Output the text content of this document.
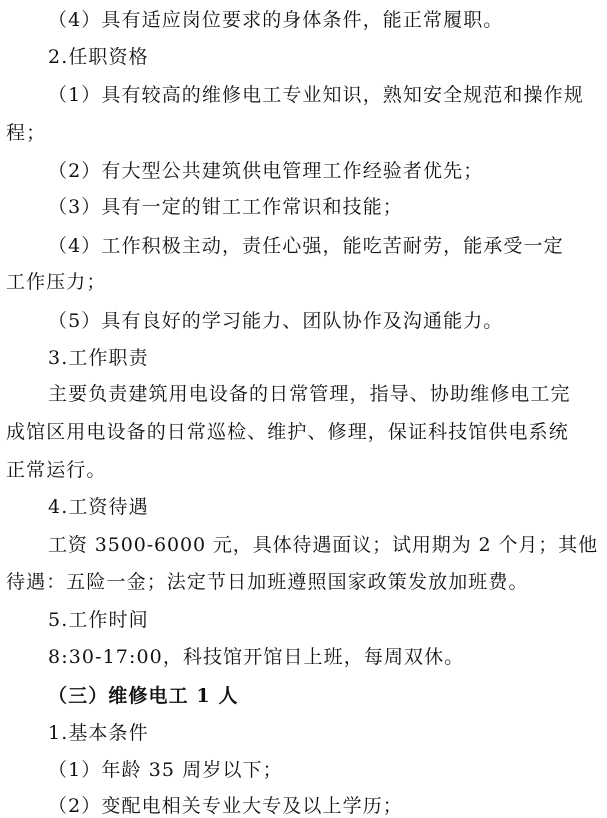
（4）具有适应岗位要求的身体条件，能正常履职。
2.任职资格
（1）具有较高的维修电工专业知识，熟知安全规范和操作规
程；
（2）有大型公共建筑供电管理工作经验者优先；
（3）具有一定的钳工工作常识和技能；
（4）工作积极主动，责任心强，能吃苦耐劳，能承受一定
工作压力；
（5）具有良好的学习能力、团队协作及沟通能力。
3.工作职责
主要负责建筑用电设备的日常管理，指导、协助维修电工完
成馆区用电设备的日常巡检、维护、修理，保证科技馆供电系统
正常运行。
4.工资待遇
工资 3500-6000 元，具体待遇面议；试用期为 2 个月；其他
待遇：五险一金；法定节日加班遵照国家政策发放加班费。
5.工作时间
8:30-17:00，科技馆开馆日上班，每周双休。
（三）维修电工 1 人
1.基本条件
（1）年龄 35 周岁以下；
（2）变配电相关专业大专及以上学历；
